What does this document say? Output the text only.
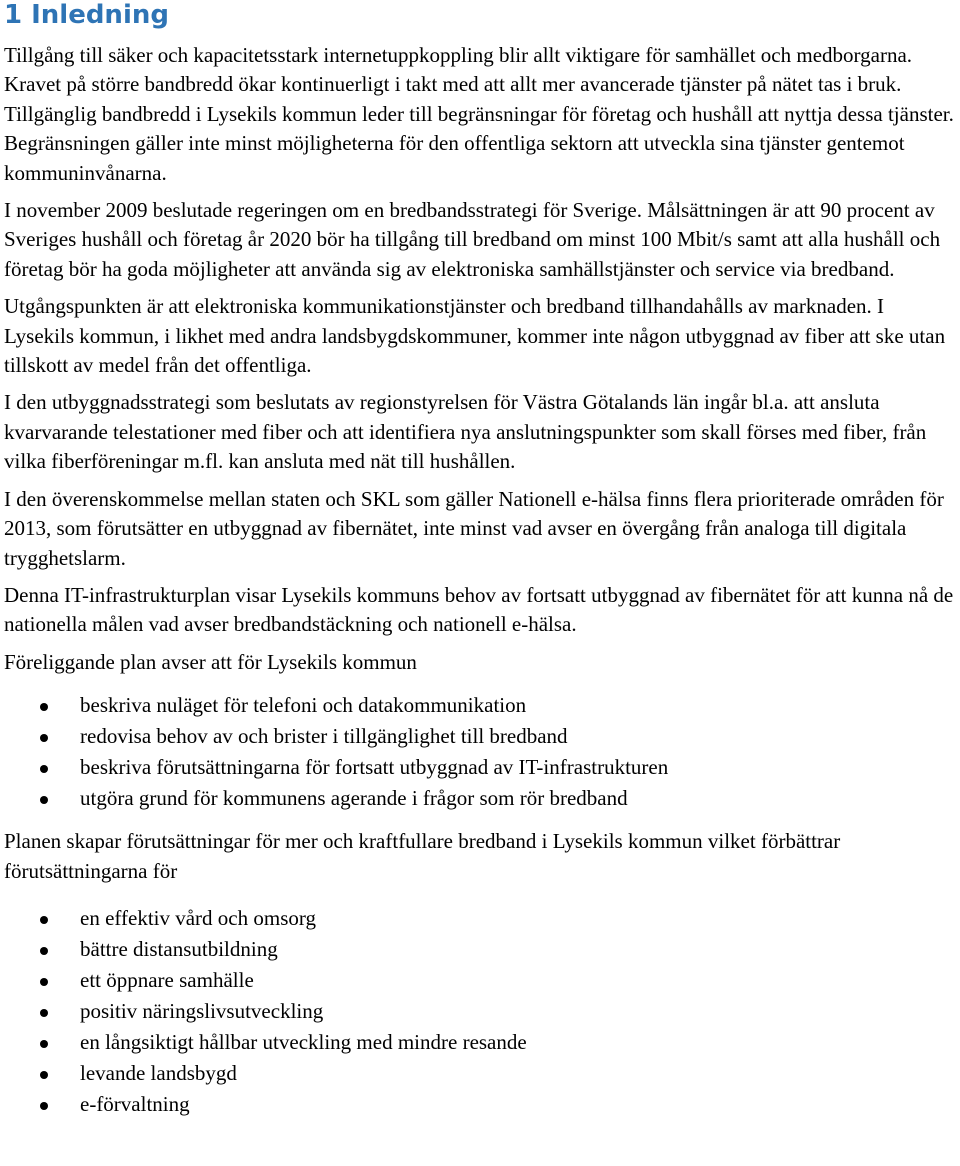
1 Inledning

Tillgång till säker och kapacitetsstark internetuppkoppling blir allt viktigare för samhället och medborgarna. Kravet på större bandbredd ökar kontinuerligt i takt med att allt mer avancerade tjänster på nätet tas i bruk. Tillgänglig bandbredd i Lysekils kommun leder till begränsningar för företag och hushåll att nyttja dessa tjänster. Begränsningen gäller inte minst möjligheterna för den offentliga sektorn att utveckla sina tjänster gentemot kommuninvånarna.

I november 2009 beslutade regeringen om en bredbandsstrategi för Sverige. Målsättningen är att 90 procent av Sveriges hushåll och företag år 2020 bör ha tillgång till bredband om minst 100 Mbit/s samt att alla hushåll och företag bör ha goda möjligheter att använda sig av elektroniska samhällstjänster och service via bredband.

Utgångspunkten är att elektroniska kommunikationstjänster och bredband tillhandahålls av marknaden. I Lysekils kommun, i likhet med andra landsbygdskommuner, kommer inte någon utbyggnad av fiber att ske utan tillskott av medel från det offentliga.

I den utbyggnadsstrategi som beslutats av regionstyrelsen för Västra Götalands län ingår bl.a. att ansluta kvarvarande telestationer med fiber och att identifiera nya anslutningspunkter som skall förses med fiber, från vilka fiberföreningar m.fl. kan ansluta med nät till hushållen.

I den överenskommelse mellan staten och SKL som gäller Nationell e-hälsa finns flera prioriterade områden för 2013, som förutsätter en utbyggnad av fibernätet, inte minst vad avser en övergång från analoga till digitala trygghetslarm.

Denna IT-infrastrukturplan visar Lysekils kommuns behov av fortsatt utbyggnad av fibernätet för att kunna nå de nationella målen vad avser bredbandstäckning och nationell e-hälsa.

Föreliggande plan avser att för Lysekils kommun

beskriva nuläget för telefoni och datakommunikation
redovisa behov av och brister i tillgänglighet till bredband
beskriva förutsättningarna för fortsatt utbyggnad av IT-infrastrukturen
utgöra grund för kommunens agerande i frågor som rör bredband

Planen skapar förutsättningar för mer och kraftfullare bredband i Lysekils kommun vilket förbättrar förutsättningarna för

en effektiv vård och omsorg
bättre distansutbildning
ett öppnare samhälle
positiv näringslivsutveckling
en långsiktigt hållbar utveckling med mindre resande
levande landsbygd
e-förvaltning
